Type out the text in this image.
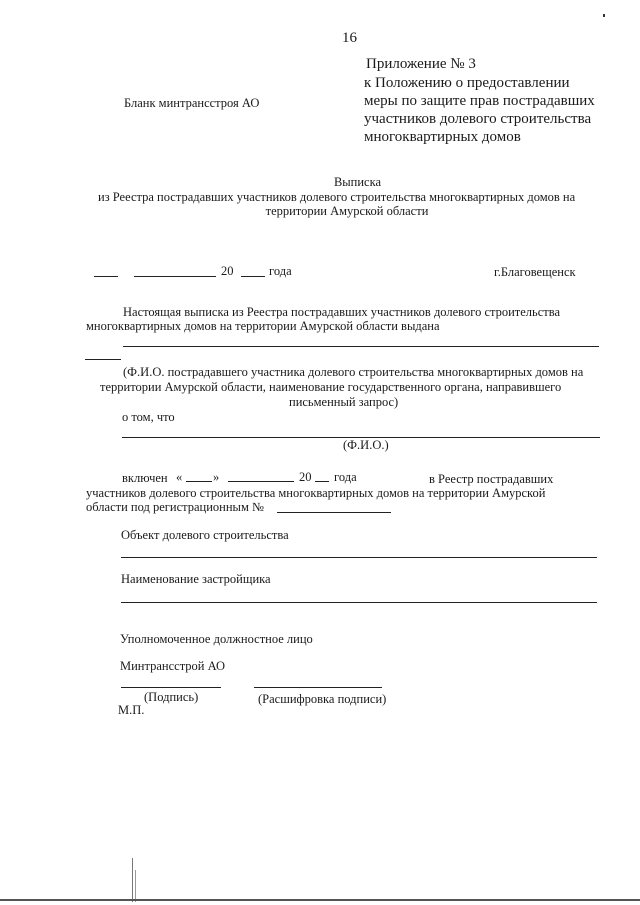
16
Приложение № 3
к Положению о предоставлении
меры по защите прав пострадавших
участников долевого строительства
многоквартирных домов
Бланк минтрансстроя АО
Выписка
из Реестра пострадавших участников долевого строительства многоквартирных домов на
территории Амурской области
20	года	г.Благовещенск
Настоящая выписка из Реестра пострадавших участников долевого строительства
многоквартирных домов на территории Амурской области выдана
(Ф.И.О. пострадавшего участника долевого строительства многоквартирных домов на
территории Амурской области, наименование государственного органа, направившего
письменный запрос)
о том, что
(Ф.И.О.)
включен « »	20 года	в Реестр пострадавших
участников долевого строительства многоквартирных домов на территории Амурской
области под регистрационным №
Объект долевого строительства
Наименование застройщика
Уполномоченное должностное лицо
Минтрансстрой АО
(Подпись)	(Расшифровка подписи)
М.П.
